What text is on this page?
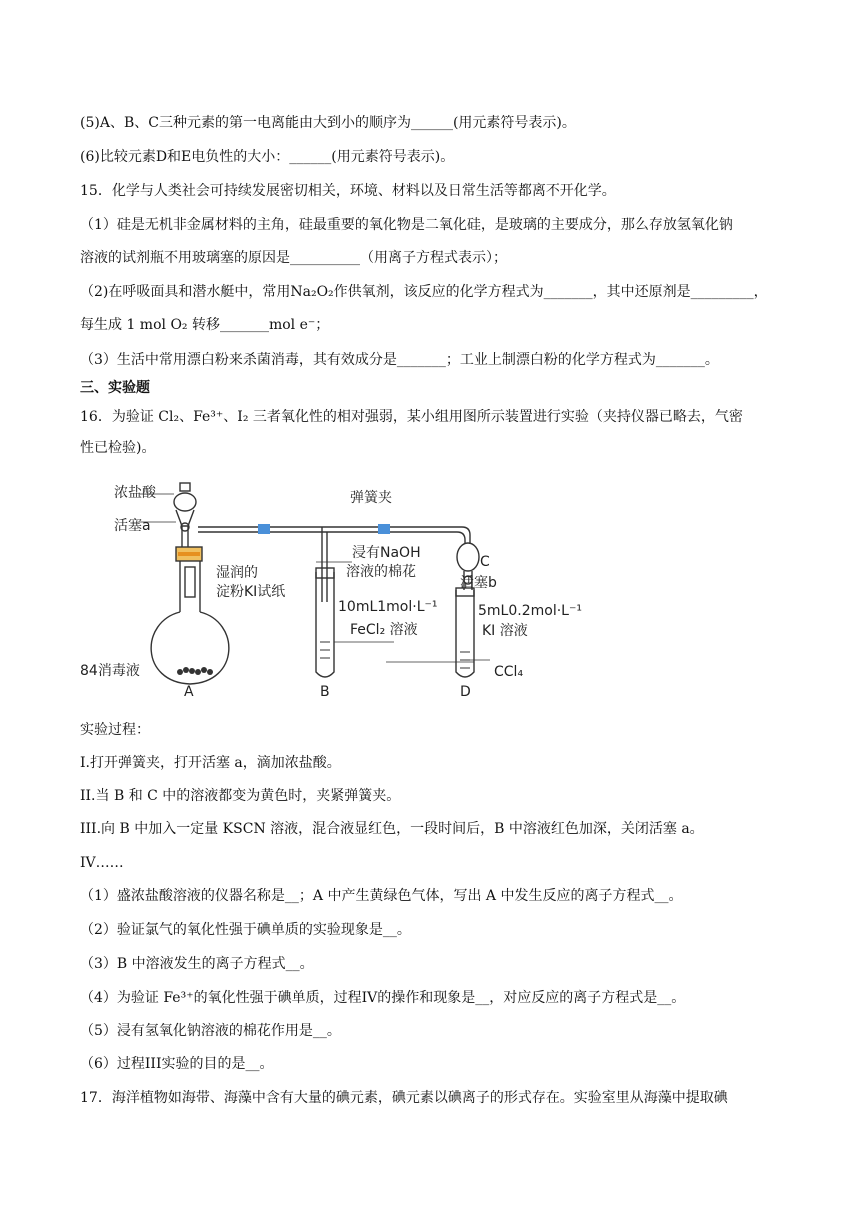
(5)A、B、C三种元素的第一电离能由大到小的顺序为______(用元素符号表示)。
(6)比较元素D和E电负性的大小：______(用元素符号表示)。
15．化学与人类社会可持续发展密切相关，环境、材料以及日常生活等都离不开化学。
（1）硅是无机非金属材料的主角，硅最重要的氧化物是二氧化硅，是玻璃的主要成分，那么存放氢氧化钠
溶液的试剂瓶不用玻璃塞的原因是__________（用离子方程式表示）；
（2)在呼吸面具和潜水艇中，常用Na₂O₂作供氧剂，该反应的化学方程式为_______，其中还原剂是_________，
每生成 1 mol O₂ 转移_______mol e⁻；
（3）生活中常用漂白粉来杀菌消毒，其有效成分是_______；工业上制漂白粉的化学方程式为_______。
三、实验题
16．为验证 Cl₂、Fe³⁺、I₂ 三者氧化性的相对强弱，某小组用图所示装置进行实验（夹持仪器已略去，气密
性已检验)。
浓盐酸
活塞a
湿润的
淀粉KI试纸
84消毒液
A
弹簧夹
浸有NaOH
溶液的棉花
10mL1mol·L⁻¹
FeCl₂ 溶液
B
C
活塞b
5mL0.2mol·L⁻¹
KI 溶液
CCl₄
D
实验过程：
I.打开弹簧夹，打开活塞 a，滴加浓盐酸。
II.当 B 和 C 中的溶液都变为黄色时，夹紧弹簧夹。
III.向 B 中加入一定量 KSCN 溶液，混合液显红色，一段时间后，B 中溶液红色加深，关闭活塞 a。
IV……
（1）盛浓盐酸溶液的仪器名称是__；A 中产生黄绿色气体，写出 A 中发生反应的离子方程式__。
（2）验证氯气的氧化性强于碘单质的实验现象是__。
（3）B 中溶液发生的离子方程式__。
（4）为验证 Fe³⁺的氧化性强于碘单质，过程IV的操作和现象是__，对应反应的离子方程式是__。
（5）浸有氢氧化钠溶液的棉花作用是__。
（6）过程III实验的目的是__。
17．海洋植物如海带、海藻中含有大量的碘元素，碘元素以碘离子的形式存在。实验室里从海藻中提取碘
